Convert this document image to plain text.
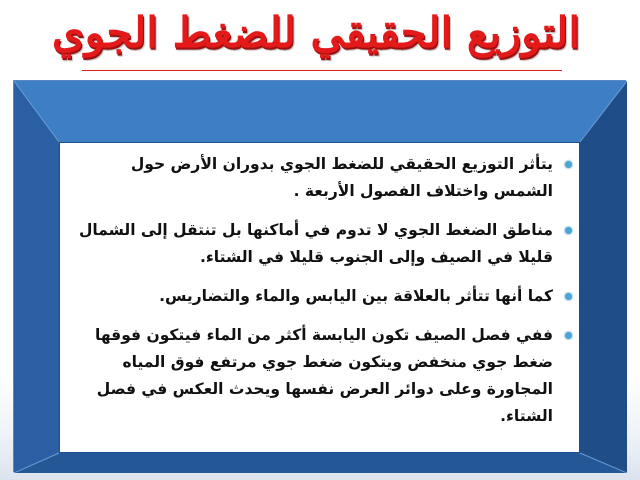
التوزيع الحقيقي للضغط الجوي
يتأثر التوزيع الحقيقي للضغط الجوي بدوران الأرض حول الشمس واختلاف الفصول الأربعة .
مناطق الضغط الجوي لا تدوم في أماكنها بل تنتقل إلى الشمال قليلا في الصيف وإلى الجنوب قليلا في الشتاء.
كما أنها تتأثر بالعلاقة بين اليابس والماء والتضاريس.
ففي فصل الصيف تكون اليابسة أكثر من الماء فيتكون فوقها ضغط جوي منخفض ويتكون ضغط جوي مرتفع فوق المياه المجاورة وعلى دوائر العرض نفسها ويحدث العكس في فصل الشتاء.
